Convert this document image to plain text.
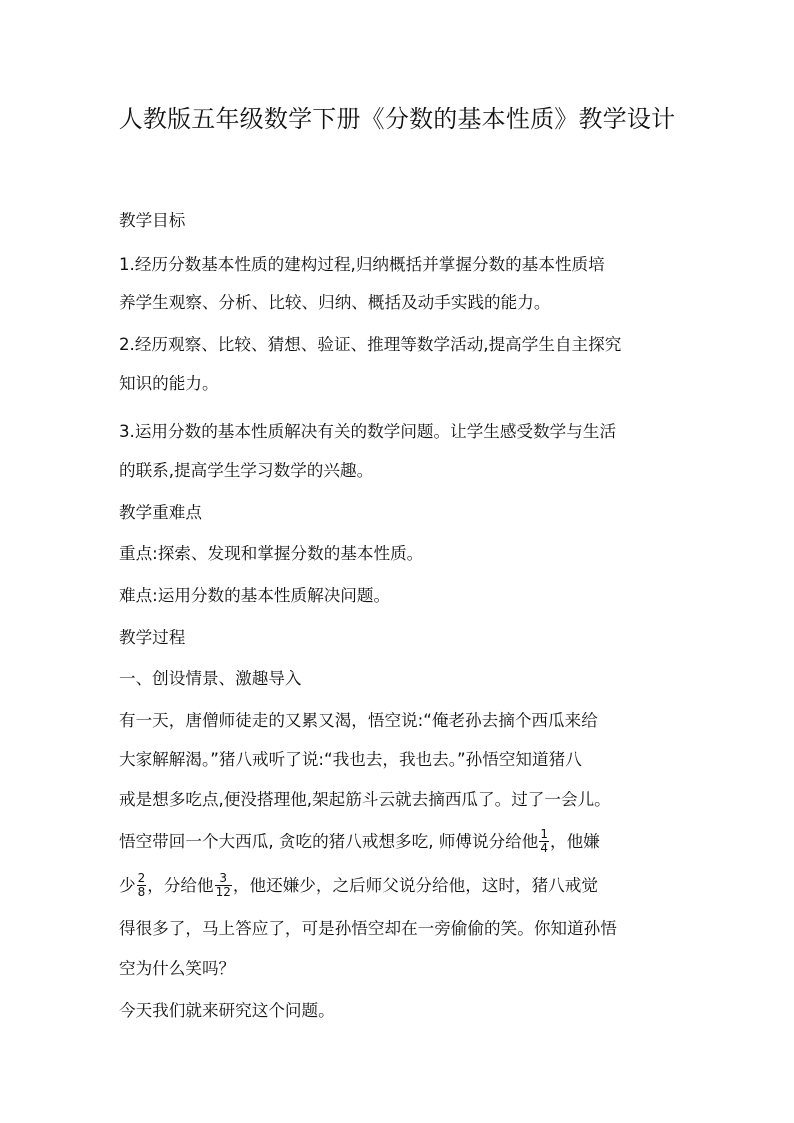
人教版五年级数学下册《分数的基本性质》教学设计
教学目标
1.经历分数基本性质的建构过程,归纳概括并掌握分数的基本性质培
养学生观察、分析、比较、归纳、概括及动手实践的能力。
2.经历观察、比较、猜想、验证、推理等数学活动,提高学生自主探究
知识的能力。
3.运用分数的基本性质解决有关的数学问题。让学生感受数学与生活
的联系,提高学生学习数学的兴趣。
教学重难点
重点:探索、发现和掌握分数的基本性质。
难点:运用分数的基本性质解决问题。
教学过程
一、创设情景、激趣导入
有一天，唐僧师徒走的又累又渴，悟空说:“俺老孙去摘个西瓜来给
大家解解渴。”猪八戒听了说:“我也去，我也去。”孙悟空知道猪八
戒是想多吃点,便没搭理他,架起筋斗云就去摘西瓜了。过了一会儿。
悟空带回一个大西瓜, 贪吃的猪八戒想多吃, 师傅说分给他 $\frac{1}{4}$ ，他嫌
少 $\frac{2}{8}$ ，分给他 $\frac{3}{12}$ ，他还嫌少，之后师父说分给他，这时，猪八戒觉
得很多了，马上答应了，可是孙悟空却在一旁偷偷的笑。你知道孙悟
空为什么笑吗？
今天我们就来研究这个问题。
